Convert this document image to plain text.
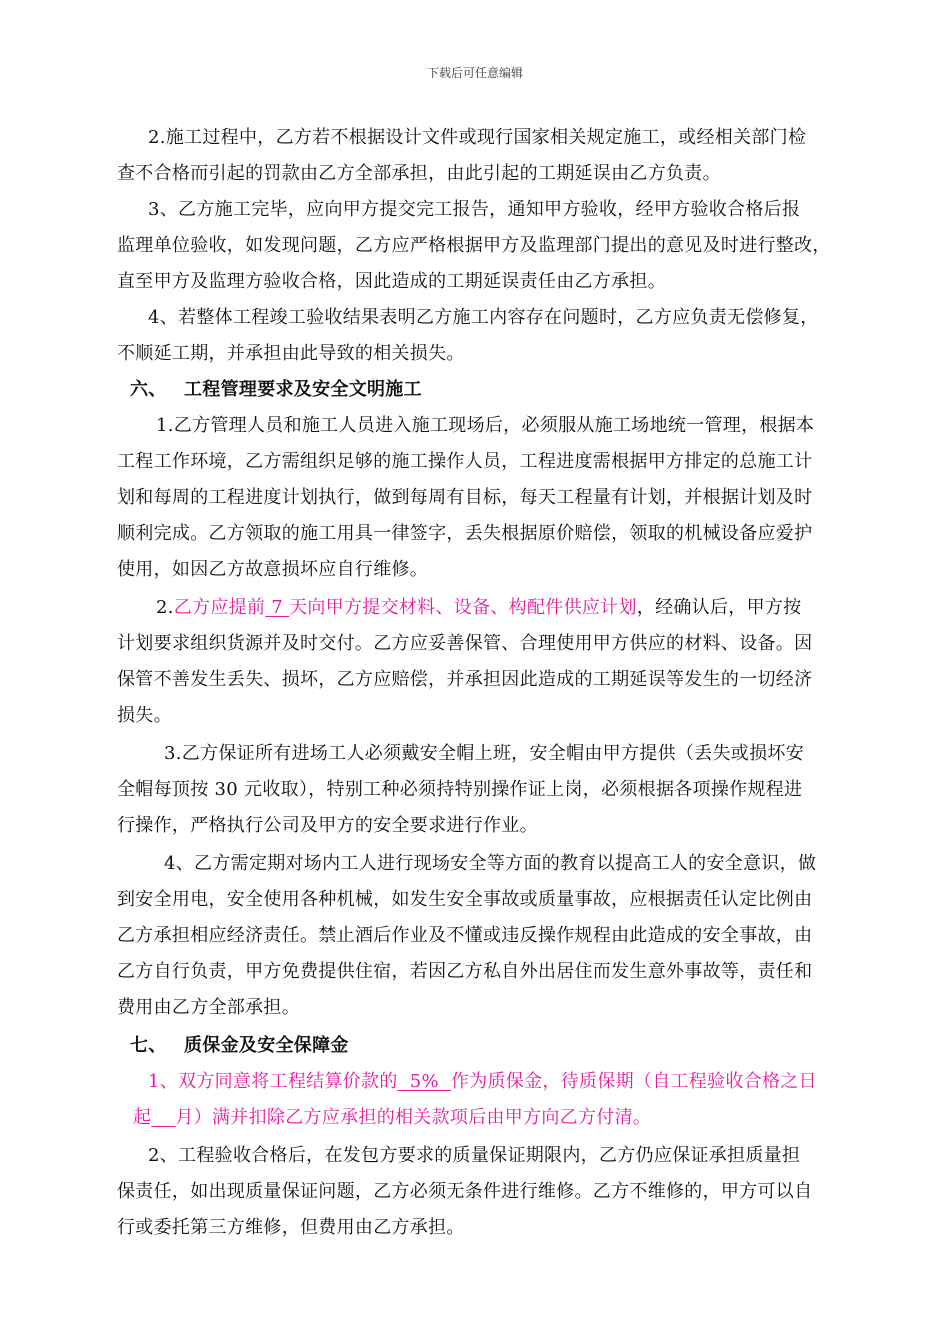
下载后可任意编辑
2.施工过程中，乙方若不根据设计文件或现行国家相关规定施工，或经相关部门检
查不合格而引起的罚款由乙方全部承担，由此引起的工期延误由乙方负责。
3、乙方施工完毕，应向甲方提交完工报告，通知甲方验收，经甲方验收合格后报
监理单位验收，如发现问题，乙方应严格根据甲方及监理部门提出的意见及时进行整改，
直至甲方及监理方验收合格，因此造成的工期延误责任由乙方承担。
4、若整体工程竣工验收结果表明乙方施工内容存在问题时，乙方应负责无偿修复，
不顺延工期，并承担由此导致的相关损失。
六、 工程管理要求及安全文明施工
1.乙方管理人员和施工人员进入施工现场后，必须服从施工场地统一管理，根据本
工程工作环境，乙方需组织足够的施工操作人员，工程进度需根据甲方排定的总施工计
划和每周的工程进度计划执行，做到每周有目标，每天工程量有计划，并根据计划及时
顺利完成。乙方领取的施工用具一律签字，丢失根据原价赔偿，领取的机械设备应爱护
使用，如因乙方故意损坏应自行维修。
2.乙方应提前 7 天向甲方提交材料、设备、构配件供应计划，经确认后，甲方按
计划要求组织货源并及时交付。乙方应妥善保管、合理使用甲方供应的材料、设备。因
保管不善发生丢失、损坏，乙方应赔偿，并承担因此造成的工期延误等发生的一切经济
损失。
3.乙方保证所有进场工人必须戴安全帽上班，安全帽由甲方提供（丢失或损坏安
全帽每顶按 30 元收取），特别工种必须持特别操作证上岗，必须根据各项操作规程进
行操作，严格执行公司及甲方的安全要求进行作业。
4、乙方需定期对场内工人进行现场安全等方面的教育以提高工人的安全意识，做
到安全用电，安全使用各种机械，如发生安全事故或质量事故，应根据责任认定比例由
乙方承担相应经济责任。禁止酒后作业及不懂或违反操作规程由此造成的安全事故，由
乙方自行负责，甲方免费提供住宿，若因乙方私自外出居住而发生意外事故等，责任和
费用由乙方全部承担。
七、 质保金及安全保障金
1、双方同意将工程结算价款的  5%  作为质保金，待质保期（自工程验收合格之日
起 月）满并扣除乙方应承担的相关款项后由甲方向乙方付清。
2、工程验收合格后，在发包方要求的质量保证期限内，乙方仍应保证承担质量担
保责任，如出现质量保证问题，乙方必须无条件进行维修。乙方不维修的，甲方可以自
行或委托第三方维修，但费用由乙方承担。
